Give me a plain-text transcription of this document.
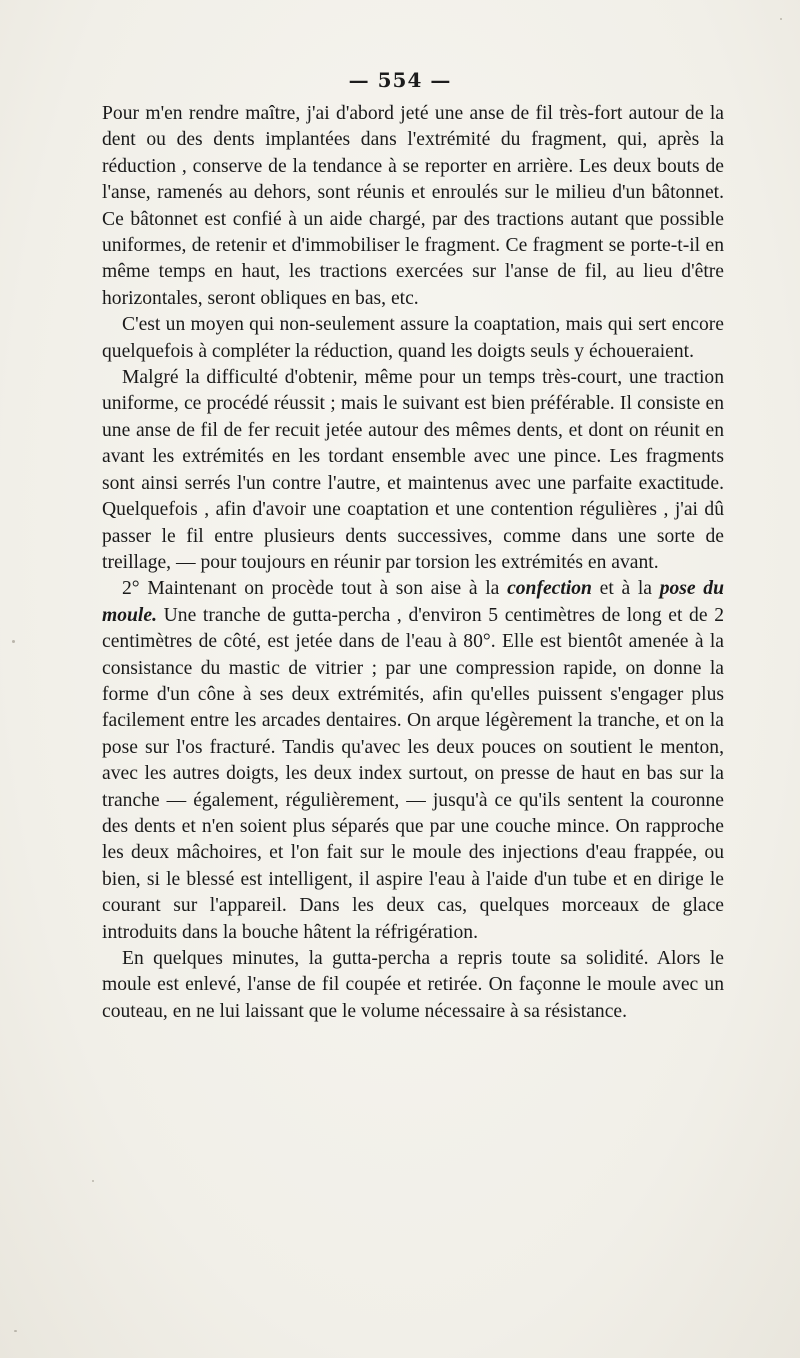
— 554 —

Pour m'en rendre maître, j'ai d'abord jeté une anse de fil très-fort autour de la dent ou des dents implantées dans l'extrémité du fragment, qui, après la réduction , conserve de la tendance à se reporter en arrière. Les deux bouts de l'anse, ramenés au dehors, sont réunis et enroulés sur le milieu d'un bâtonnet. Ce bâtonnet est confié à un aide chargé, par des tractions autant que possible uniformes, de retenir et d'immobiliser le fragment. Ce fragment se porte-t-il en même temps en haut, les tractions exercées sur l'anse de fil, au lieu d'être horizontales, seront obliques en bas, etc.

C'est un moyen qui non-seulement assure la coaptation, mais qui sert encore quelquefois à compléter la réduction, quand les doigts seuls y échoueraient.

Malgré la difficulté d'obtenir, même pour un temps très-court, une traction uniforme, ce procédé réussit ; mais le suivant est bien préférable. Il consiste en une anse de fil de fer recuit jetée autour des mêmes dents, et dont on réunit en avant les extrémités en les tordant ensemble avec une pince. Les fragments sont ainsi serrés l'un contre l'autre, et maintenus avec une parfaite exactitude. Quelquefois , afin d'avoir une coaptation et une contention régulières , j'ai dû passer le fil entre plusieurs dents successives, comme dans une sorte de treillage, — pour toujours en réunir par torsion les extrémités en avant.

2° Maintenant on procède tout à son aise à la confection et à la pose du moule. Une tranche de gutta-percha , d'environ 5 centimètres de long et de 2 centimètres de côté, est jetée dans de l'eau à 80°. Elle est bientôt amenée à la consistance du mastic de vitrier ; par une compression rapide, on donne la forme d'un cône à ses deux extrémités, afin qu'elles puissent s'engager plus facilement entre les arcades dentaires. On arque légèrement la tranche, et on la pose sur l'os fracturé. Tandis qu'avec les deux pouces on soutient le menton, avec les autres doigts, les deux index surtout, on presse de haut en bas sur la tranche — également, régulièrement, — jusqu'à ce qu'ils sentent la couronne des dents et n'en soient plus séparés que par une couche mince. On rapproche les deux mâchoires, et l'on fait sur le moule des injections d'eau frappée, ou bien, si le blessé est intelligent, il aspire l'eau à l'aide d'un tube et en dirige le courant sur l'appareil. Dans les deux cas, quelques morceaux de glace introduits dans la bouche hâtent la réfrigération.

En quelques minutes, la gutta-percha a repris toute sa solidité. Alors le moule est enlevé, l'anse de fil coupée et retirée. On façonne le moule avec un couteau, en ne lui laissant que le volume nécessaire à sa résistance.
